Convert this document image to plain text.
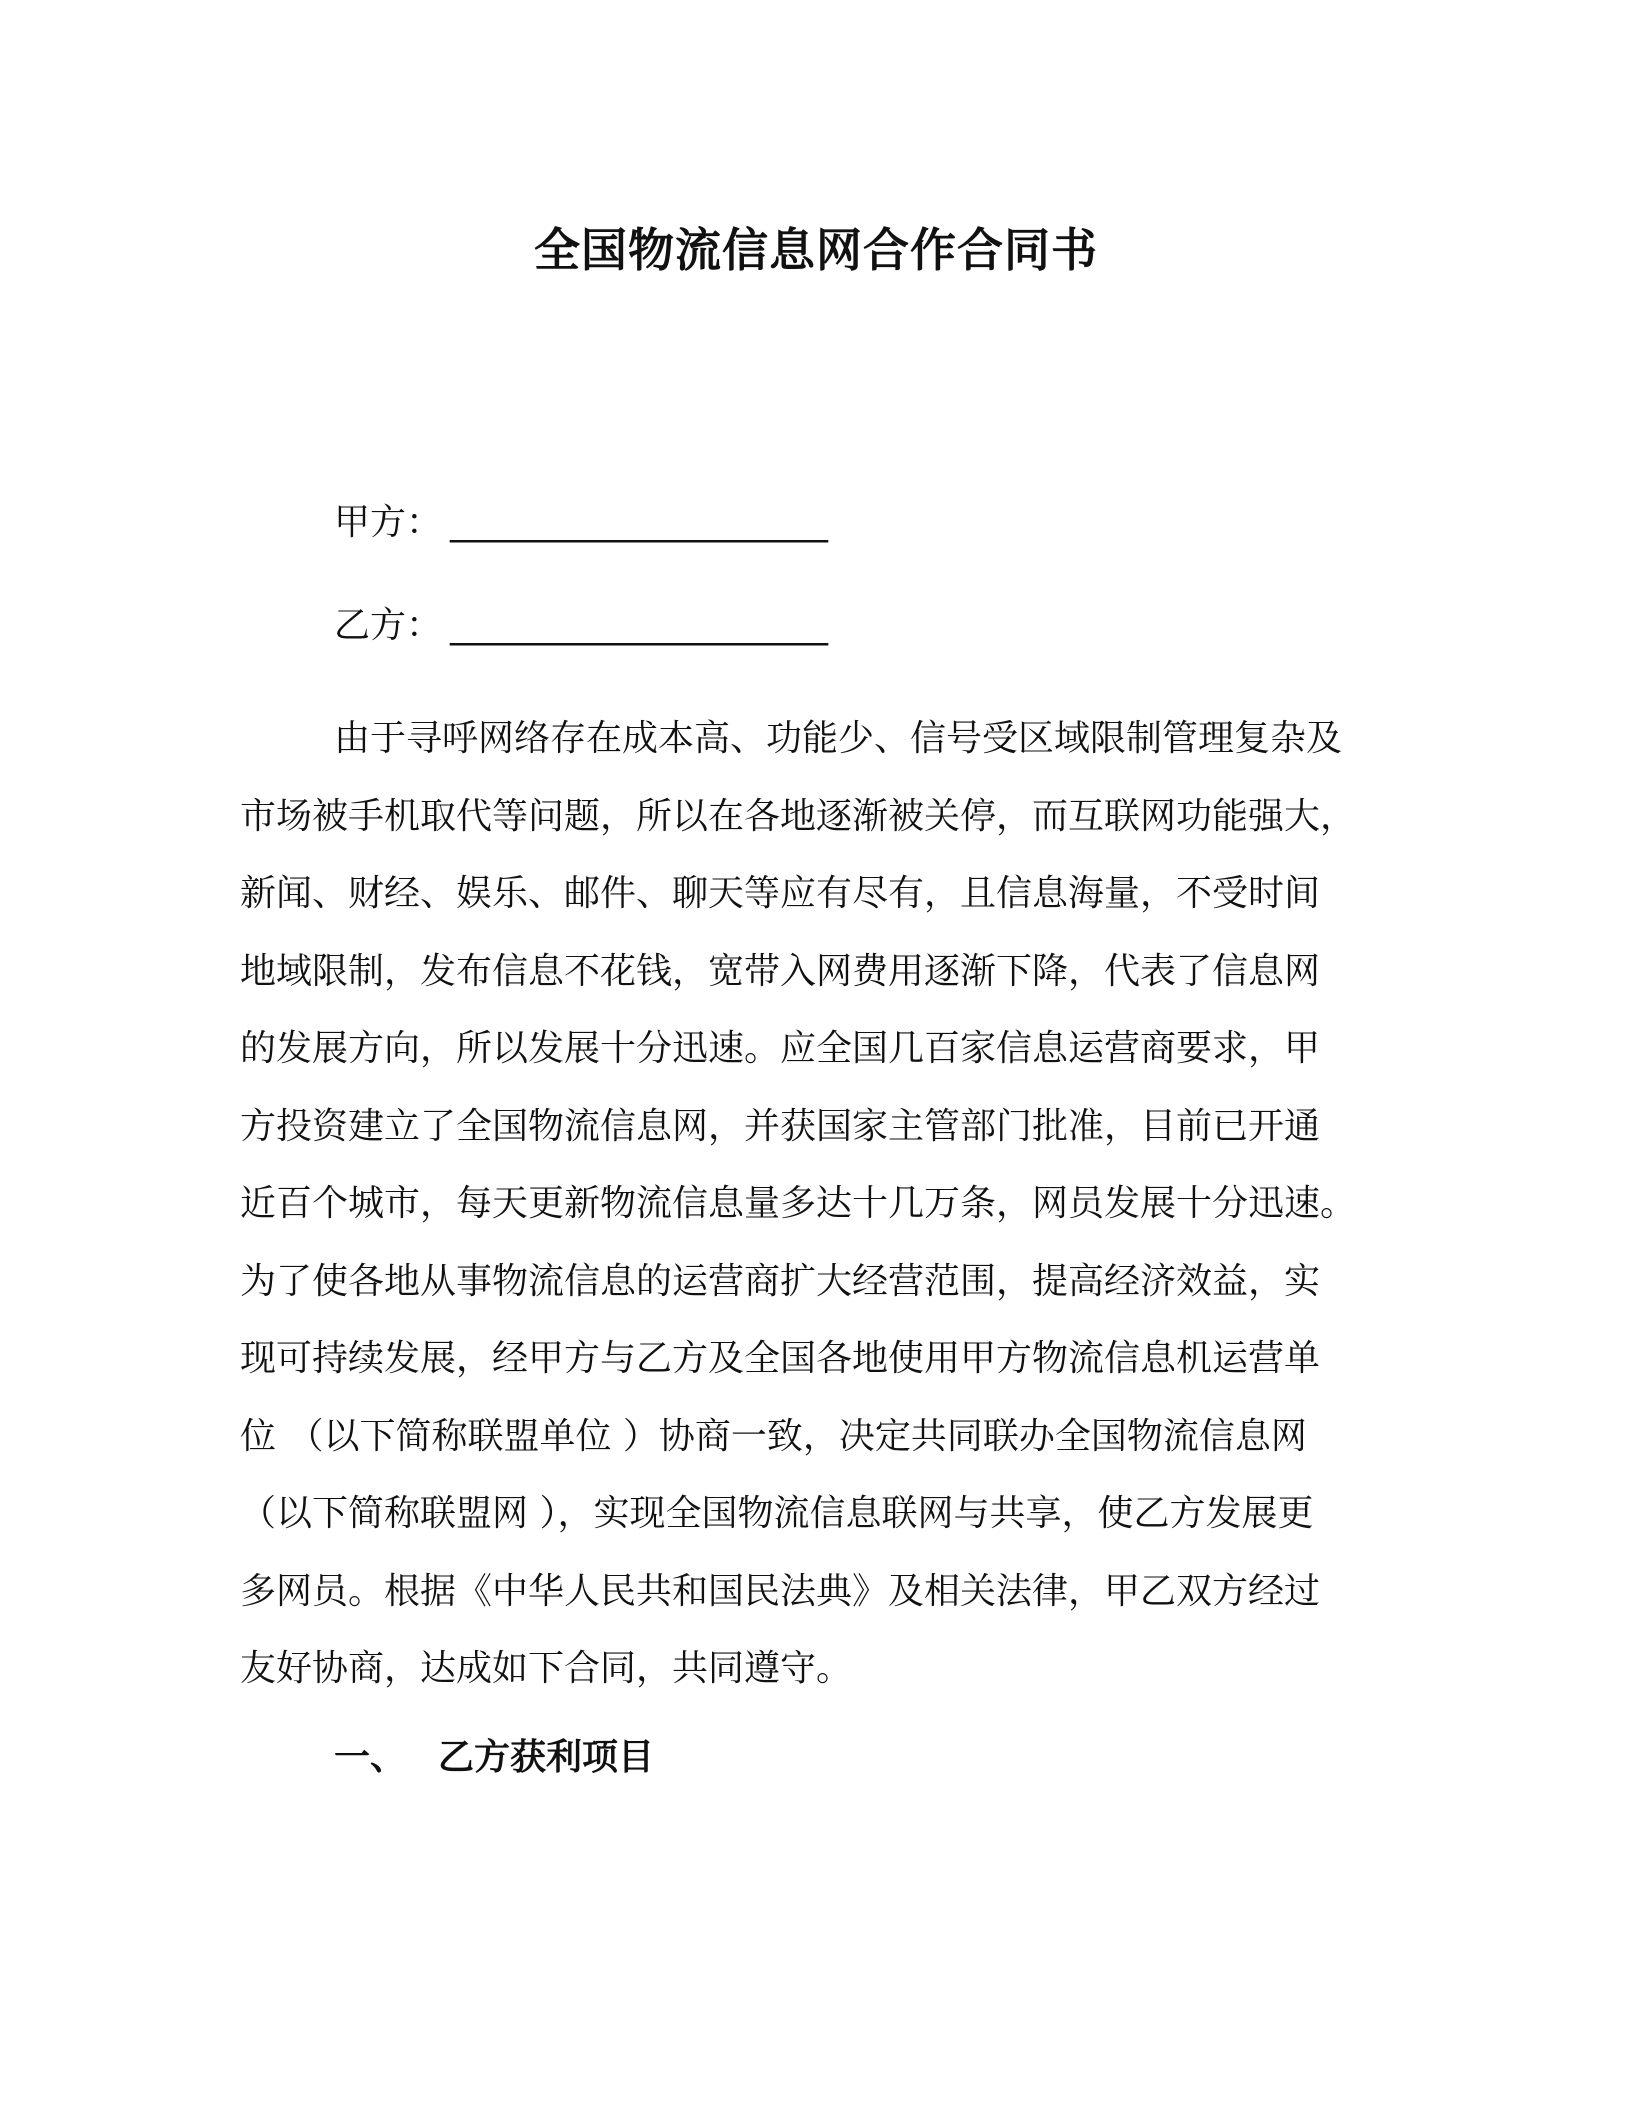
全国物流信息网合作合同书
甲方： _____________________
乙方： _____________________
由于寻呼网络存在成本高、功能少、信号受区域限制管理复杂及
市场被手机取代等问题，所以在各地逐渐被关停，而互联网功能强大，
新闻、财经、娱乐、邮件、聊天等应有尽有，且信息海量，不受时间
地域限制，发布信息不花钱，宽带入网费用逐渐下降，代表了信息网
的发展方向，所以发展十分迅速。应全国几百家信息运营商要求，甲
方投资建立了全国物流信息网，并获国家主管部门批准，目前已开通
近百个城市，每天更新物流信息量多达十几万条，网员发展十分迅速。
为了使各地从事物流信息的运营商扩大经营范围，提高经济效益，实
现可持续发展，经甲方与乙方及全国各地使用甲方物流信息机运营单
位 （以下简称联盟单位 ）协商一致，决定共同联办全国物流信息网
（以下简称联盟网 ），实现全国物流信息联网与共享，使乙方发展更
多网员。根据《中华人民共和国民法典》及相关法律，甲乙双方经过
友好协商，达成如下合同，共同遵守。
一、 乙方获利项目
